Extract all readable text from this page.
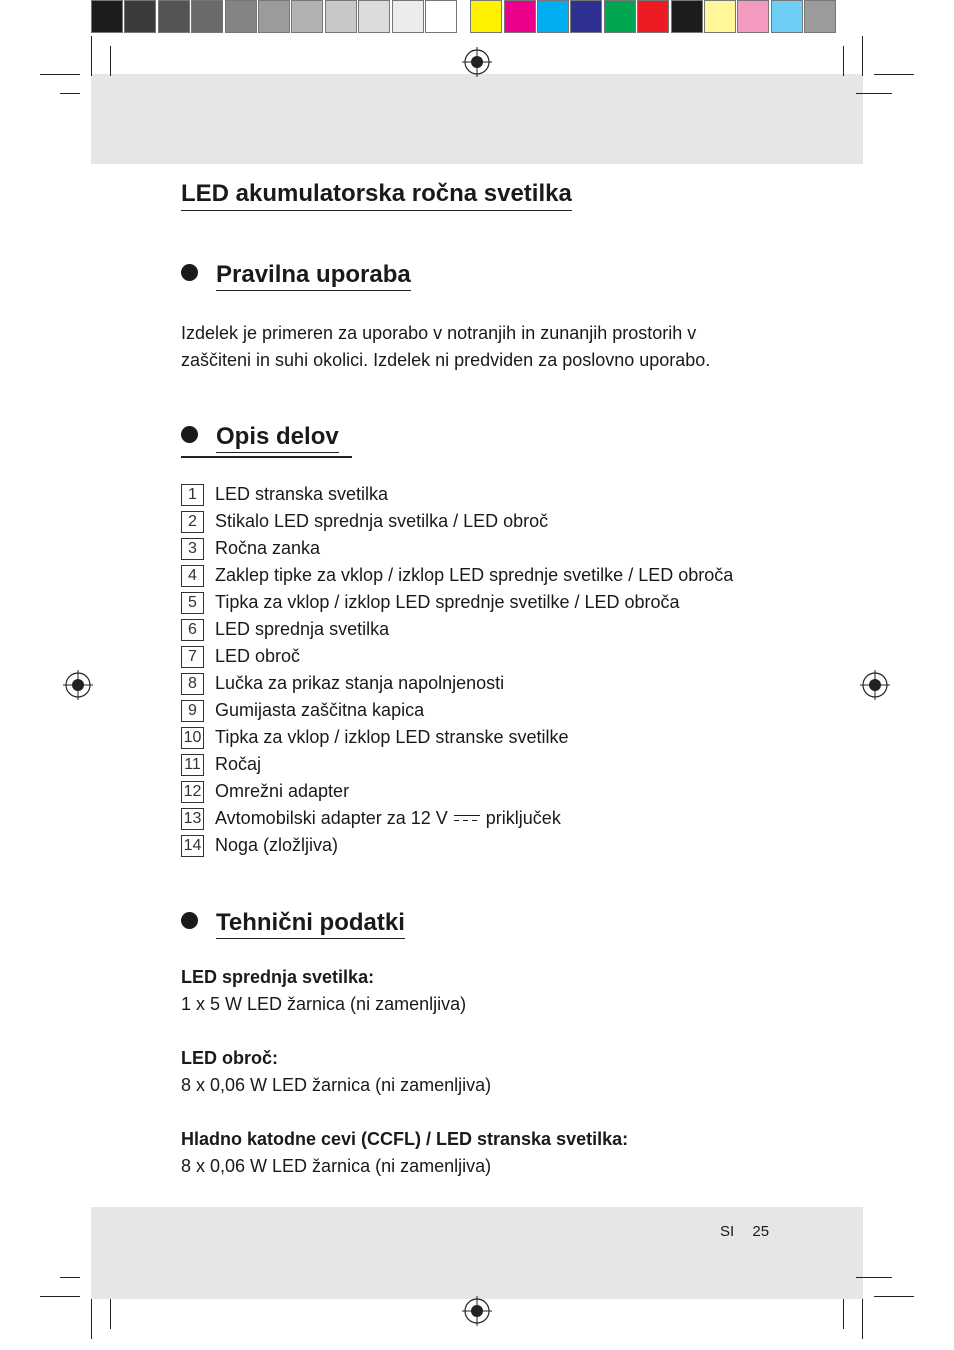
LED akumulatorska ročna svetilka
Pravilna uporaba
Izdelek je primeren za uporabo v notranjih in zunanjih prostorih v
zaščiteni in suhi okolici. Izdelek ni predviden za poslovno uporabo.
Opis delov
1	LED stranska svetilka
2	Stikalo LED sprednja svetilka / LED obroč
3	Ročna zanka
4	Zaklep tipke za vklop / izklop LED sprednje svetilke / LED obroča
5	Tipka za vklop / izklop LED sprednje svetilke / LED obroča
6	LED sprednja svetilka
7	LED obroč
8	Lučka za prikaz stanja napolnjenosti
9	Gumijasta zaščitna kapica
10 Tipka za vklop / izklop LED stranske svetilke
11 Ročaj
12 Omrežni adapter
13 Avtomobilski adapter za 12 V priključek
14 Noga (zložljiva)
Tehnični podatki
LED sprednja svetilka:
1 x 5 W LED žarnica (ni zamenljiva)
LED obroč:
8 x 0,06 W LED žarnica (ni zamenljiva)
Hladno katodne cevi (CCFL) / LED stranska svetilka:
8 x 0,06 W LED žarnica (ni zamenljiva)
SI 25
